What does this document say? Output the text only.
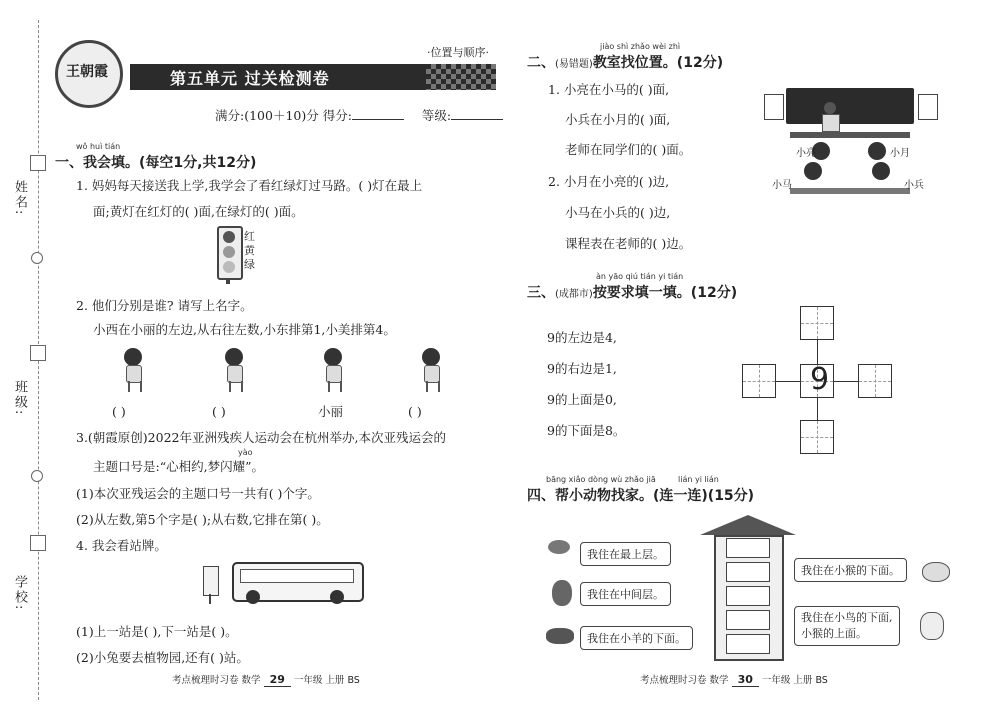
姓名:
班级:
学校:
王朝霞
·位置与顺序·
第五单元 过关检测卷
满分:(100＋10)分 得分:	等级:
wǒ huì tián
一、我会填。(每空1分,共12分)
1. 妈妈每天接送我上学,我学会了看红绿灯过马路。( )灯在最上
面;黄灯在红灯的( )面,在绿灯的( )面。
红
黄
绿
2. 他们分别是谁? 请写上名字。
小西在小丽的左边,从右往左数,小东排第1,小美排第4。
( )	( )	小丽	( )
3.(朝霞原创)2022年亚洲残疾人运动会在杭州举办,本次亚残运会的
yào
主题口号是:“心相约,梦闪耀”。
(1)本次亚残运会的主题口号一共有( )个字。
(2)从左数,第5个字是( );从右数,它排在第( )。
4. 我会看站牌。
(1)上一站是( ),下一站是( )。
(2)小兔要去植物园,还有( )站。
考点梳理时习卷 数学 29 一年级 上册 BS
jiào shì zhǎo wèi zhì
二、(易错题)教室找位置。(12分)
1. 小亮在小马的( )面,
小兵在小月的( )面,
老师在同学们的( )面。
2. 小月在小亮的( )边,
小马在小兵的( )边,
课程表在老师的( )边。
小亮	小月
小马	小兵
àn yāo qiú tián yi tián
三、(成都市)按要求填一填。(12分)
9的左边是4,
9的右边是1,
9的上面是0,
9的下面是8。
9
bāng xiǎo dòng wù zhǎo jiā	lián yi lián
四、帮小动物找家。(连一连)(15分)
我住在最上层。
我住在中间层。
我住在小羊的下面。
我住在小猴的下面。
我住在小鸟的下面,
小猴的上面。
考点梳理时习卷 数学 30 一年级 上册 BS
